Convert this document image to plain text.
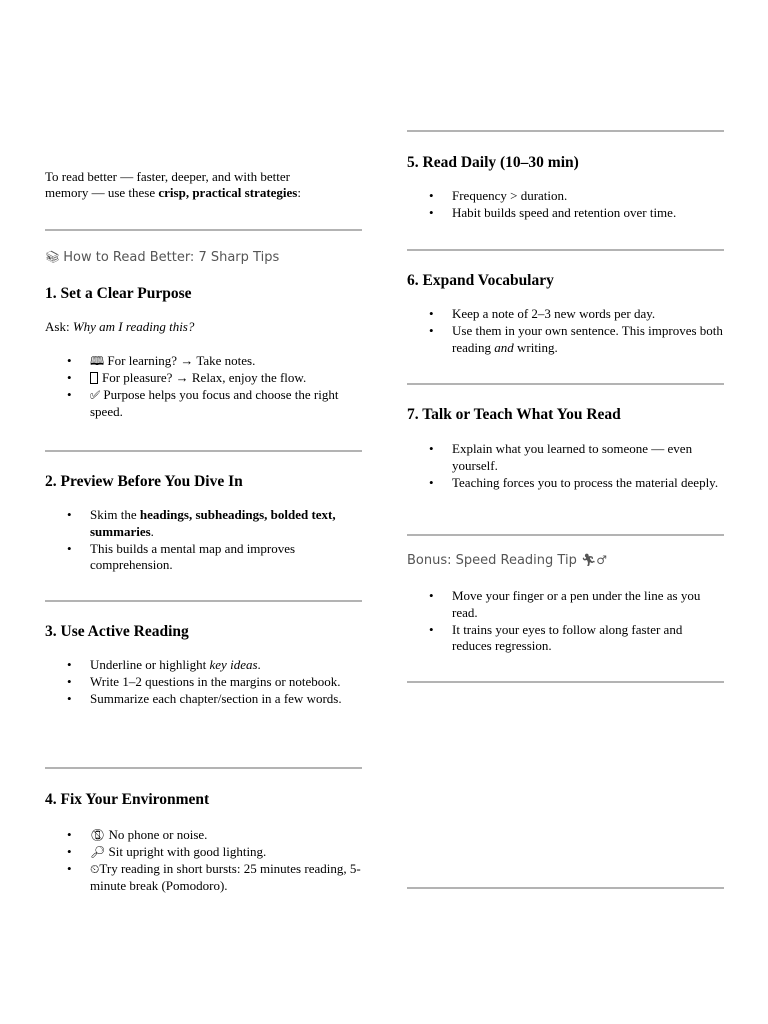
To read better — faster, deeper, and with better
memory — use these crisp, practical strategies:
📚︎ How to Read Better: 7 Sharp Tips
1. Set a Clear Purpose
Ask: Why am I reading this?
• 🕮 For learning? → Take notes.
• For pleasure? → Relax, enjoy the flow.
• ✅︎ Purpose helps you focus and choose the right speed.
2. Preview Before You Dive In
• Skim the headings, subheadings, bolded text, summaries.
• This builds a mental map and improves comprehension.
3. Use Active Reading
• Underline or highlight key ideas.
• Write 1–2 questions in the margins or notebook.
• Summarize each chapter/section in a few words.
4. Fix Your Environment
• 📵︎ No phone or noise.
• 🔎︎ Sit upright with good lighting.
• ⏲︎Try reading in short bursts: 25 minutes reading, 5-minute break (Pomodoro).
5. Read Daily (10–30 min)
• Frequency > duration.
• Habit builds speed and retention over time.
6. Expand Vocabulary
• Keep a note of 2–3 new words per day.
• Use them in your own sentence. This improves both reading and writing.
7. Talk or Teach What You Read
• Explain what you learned to someone — even yourself.
• Teaching forces you to process the material deeply.
Bonus: Speed Reading Tip 🏃︎♂
• Move your finger or a pen under the line as you read.
• It trains your eyes to follow along faster and reduces regression.
